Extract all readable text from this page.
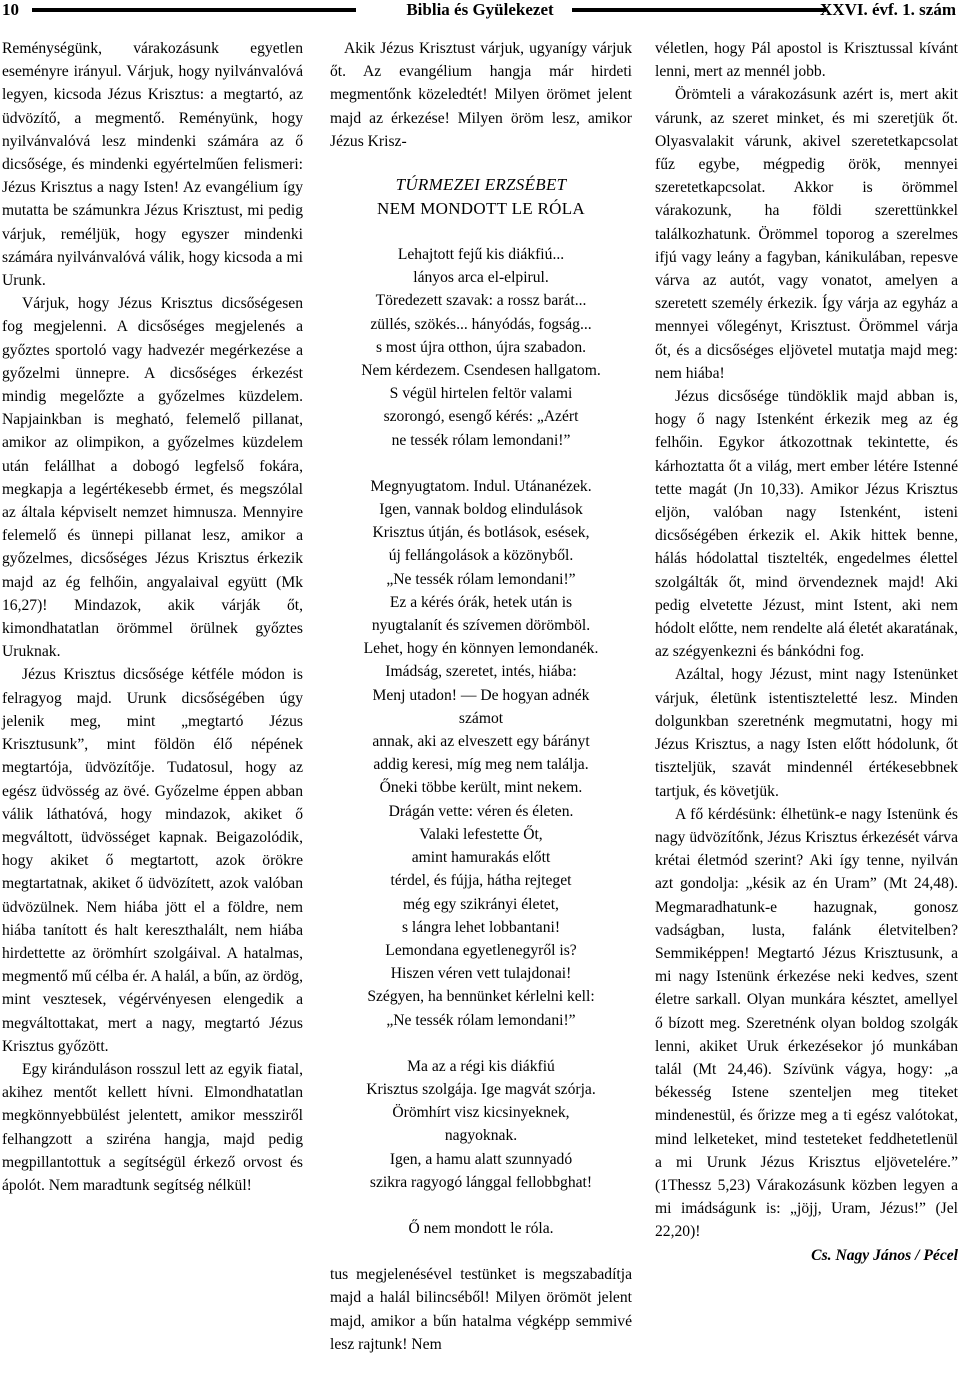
10	Biblia és Gyülekezet	XXVI. évf. 1. szám

Reménységünk, várakozásunk egyetlen eseményre irányul. Várjuk, hogy nyilvánvalóvá legyen, kicsoda Jézus Krisztus: a megtartó, az üdvözítő, a megmentő. Reményünk, hogy nyilvánvalóvá lesz mindenki számára az ő dicsősége, és mindenki egyértelműen felismeri: Jézus Krisztus a nagy Isten! Az evangélium így mutatta be számunkra Jézus Krisztust, mi pedig várjuk, reméljük, hogy egyszer mindenki számára nyilvánvalóvá válik, hogy kicsoda a mi Urunk.

Várjuk, hogy Jézus Krisztus dicsőségesen fog megjelenni. A dicsőséges megjelenés a győztes sportoló vagy hadvezér megérkezése a győzelmi ünnepre. A dicsőséges érkezést mindig megelőzte a győzelmes küzdelem. Napjainkban is megható, felemelő pillanat, amikor az olimpikon, a győzelmes küzdelem után felállhat a dobogó legfelső fokára, megkapja a legértékesebb érmet, és megszólal az általa képviselt nemzet himnusza. Mennyire felemelő és ünnepi pillanat lesz, amikor a győzelmes, dicsőséges Jézus Krisztus érkezik majd az ég felhőin, angyalaival együtt (Mk 16,27)! Mindazok, akik várják őt, kimondhatatlan örömmel örülnek győztes Uruknak.

Jézus Krisztus dicsősége kétféle módon is felragyog majd. Urunk dicsőségében úgy jelenik meg, mint „megtartó Jézus Krisztusunk”, mint földön élő népének megtartója, üdvözítője. Tudatosul, hogy az egész üdvösség az övé. Győzelme éppen abban válik láthatóvá, hogy mindazok, akiket ő megváltott, üdvösséget kapnak. Beigazolódik, hogy akiket ő megtartott, azok örökre megtartatnak, akiket ő üdvözített, azok valóban üdvözülnek. Nem hiába jött el a földre, nem hiába tanított és halt kereszthalált, nem hiába hirdettette az örömhírt szolgáival. A hatalmas, megmentő mű célba ér. A halál, a bűn, az ördög, mint vesztesek, végérvényesen elengedik a megváltottakat, mert a nagy, megtartó Jézus Krisztus győzött.

Egy kiránduláson rosszul lett az egyik fiatal, akihez mentőt kellett hívni. Elmondhatatlan megkönnyebbülést jelentett, amikor messziről felhangzott a sziréna hangja, majd pedig megpillantottuk a segítségül érkező orvost és ápolót. Nem maradtunk segítség nélkül!

Akik Jézus Krisztust várjuk, ugyanígy várjuk őt. Az evangélium hangja már hirdeti megmentőnk közeledtét! Milyen örömet jelent majd az érkezése! Milyen öröm lesz, amikor Jézus Krisz-

TÚRMEZEI ERZSÉBET
NEM MONDOTT LE RÓLA
Lehajtott fejű kis diákfiú...
lányos arca el-elpirul.
Töredezett szavak: a rossz barát...
züllés, szökés... hányódás, fogság...
s most újra otthon, újra szabadon.
Nem kérdezem. Csendesen hallgatom.
S végül hirtelen feltör valami
szorongó, esengő kérés: „Azért
ne tessék rólam lemondani!”
Megnyugtatom. Indul. Utánanézek.
Igen, vannak boldog elindulások
Krisztus útján, és botlások, esések,
új fellángolások a közönyből.
„Ne tessék rólam lemondani!”
Ez a kérés órák, hetek után is
nyugtalanít és szívemen dörömböl.
Lehet, hogy én könnyen lemondanék.
Imádság, szeretet, intés, hiába:
Menj utadon! — De hogyan adnék
számot
annak, aki az elveszett egy bárányt
addig keresi, míg meg nem találja.
Őneki többe került, mint nekem.
Drágán vette: véren és életen.
Valaki lefestette Őt,
amint hamurakás előtt
térdel, és fújja, hátha rejteget
még egy szikrányi életet,
s lángra lehet lobbantani!
Lemondana egyetlenegyről is?
Hiszen véren vett tulajdonai!
Szégyen, ha bennünket kérlelni kell:
„Ne tessék rólam lemondani!”
Ma az a régi kis diákfiú
Krisztus szolgája. Ige magvát szórja.
Örömhírt visz kicsinyeknek,
nagyoknak.
Igen, a hamu alatt szunnyadó
szikra ragyogó lánggal fellobbghat!
Ő nem mondott le róla.

tus megjelenésével testünket is megszabadítja majd a halál bilincséből! Milyen örömöt jelent majd, amikor a bűn hatalma végképp semmivé lesz rajtunk! Nem

véletlen, hogy Pál apostol is Krisztussal kívánt lenni, mert az mennél jobb.

Örömteli a várakozásunk azért is, mert akit várunk, az szeret minket, és mi szeretjük őt. Olyasvalakit várunk, akivel szeretetkapcsolat fűz egybe, mégpedig örök, mennyei szeretetkapcsolat. Akkor is örömmel várakozunk, ha földi szerettünkkel találkozhatunk. Örömmel toporog a szerelmes ifjú vagy leány a fagyban, kánikulában, repesve várva az autót, vagy vonatot, amelyen a szeretett személy érkezik. Így várja az egyház a mennyei vőlegényt, Krisztust. Örömmel várja őt, és a dicsőséges eljövetel mutatja majd meg: nem hiába!

Jézus dicsősége tündöklik majd abban is, hogy ő nagy Istenként érkezik meg az ég felhőin. Egykor átkozottnak tekintette, és kárhoztatta őt a világ, mert ember létére Istenné tette magát (Jn 10,33). Amikor Jézus Krisztus eljön, valóban nagy Istenként, isteni dicsőségében érkezik el. Akik hittek benne, hálás hódolattal tisztelték, engedelmes élettel szolgálták őt, mind örvendeznek majd! Aki pedig elvetette Jézust, mint Istent, aki nem hódolt előtte, nem rendelte alá életét akaratának, az szégyenkezni és bánkódni fog.

Azáltal, hogy Jézust, mint nagy Istenünket várjuk, életünk istentiszteletté lesz. Minden dolgunkban szeretnénk megmutatni, hogy mi Jézus Krisztus, a nagy Isten előtt hódolunk, őt tiszteljük, szavát mindennél értékesebbnek tartjuk, és követjük.

A fő kérdésünk: élhetünk-e nagy Istenünk és nagy üdvözítőnk, Jézus Krisztus érkezését várva krétai életmód szerint? Aki így tenne, nyilván azt gondolja: „késik az én Uram” (Mt 24,48). Megmaradhatunk-e hazugnak, gonosz vadságban, lusta, falánk életvitelben? Semmiképpen! Megtartó Jézus Krisztusunk, a mi nagy Istenünk érkezése neki kedves, szent életre sarkall. Olyan munkára késztet, amellyel ő bízott meg. Szeretnénk olyan boldog szolgák lenni, akiket Uruk érkezésekor jó munkában talál (Mt 24,46). Szívünk vágya, hogy: „a békesség Istene szenteljen meg titeket mindenestül, és őrizze meg a ti egész valótokat, mind lelketeket, mind testeteket feddhetetlenül a mi Urunk Jézus Krisztus eljövetelére.” (1Thessz 5,23) Várakozásunk közben legyen a mi imádságunk is: „jöjj, Uram, Jézus!” (Jel 22,20)!

Cs. Nagy János / Pécel
